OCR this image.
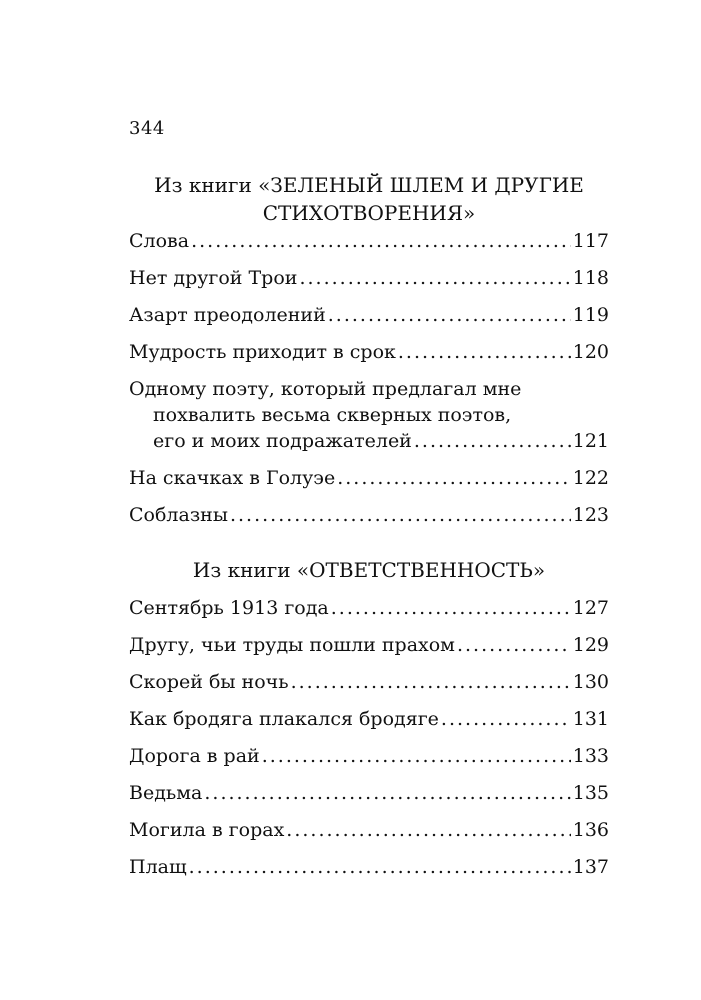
344
Из книги «ЗЕЛЕНЫЙ ШЛЕМ И ДРУГИЕ
СТИХОТВОРЕНИЯ»
Слова .....	117
Нет другой Трои .....	118
Азарт преодолений .....	119
Мудрость приходит в срок .....	120
Одному поэту, который предлагал мне
похвалить весьма скверных поэтов,
его и моих подражателей .....	121
На скачках в Голуэе .....	122
Соблазны .....	123
Из книги «ОТВЕТСТВЕННОСТЬ»
Сентябрь 1913 года .....	127
Другу, чьи труды пошли прахом .....	129
Скорей бы ночь .....	130
Как бродяга плакался бродяге .....	131
Дорога в рай .....	133
Ведьма .....	135
Могила в горах .....	136
Плащ .....	137
